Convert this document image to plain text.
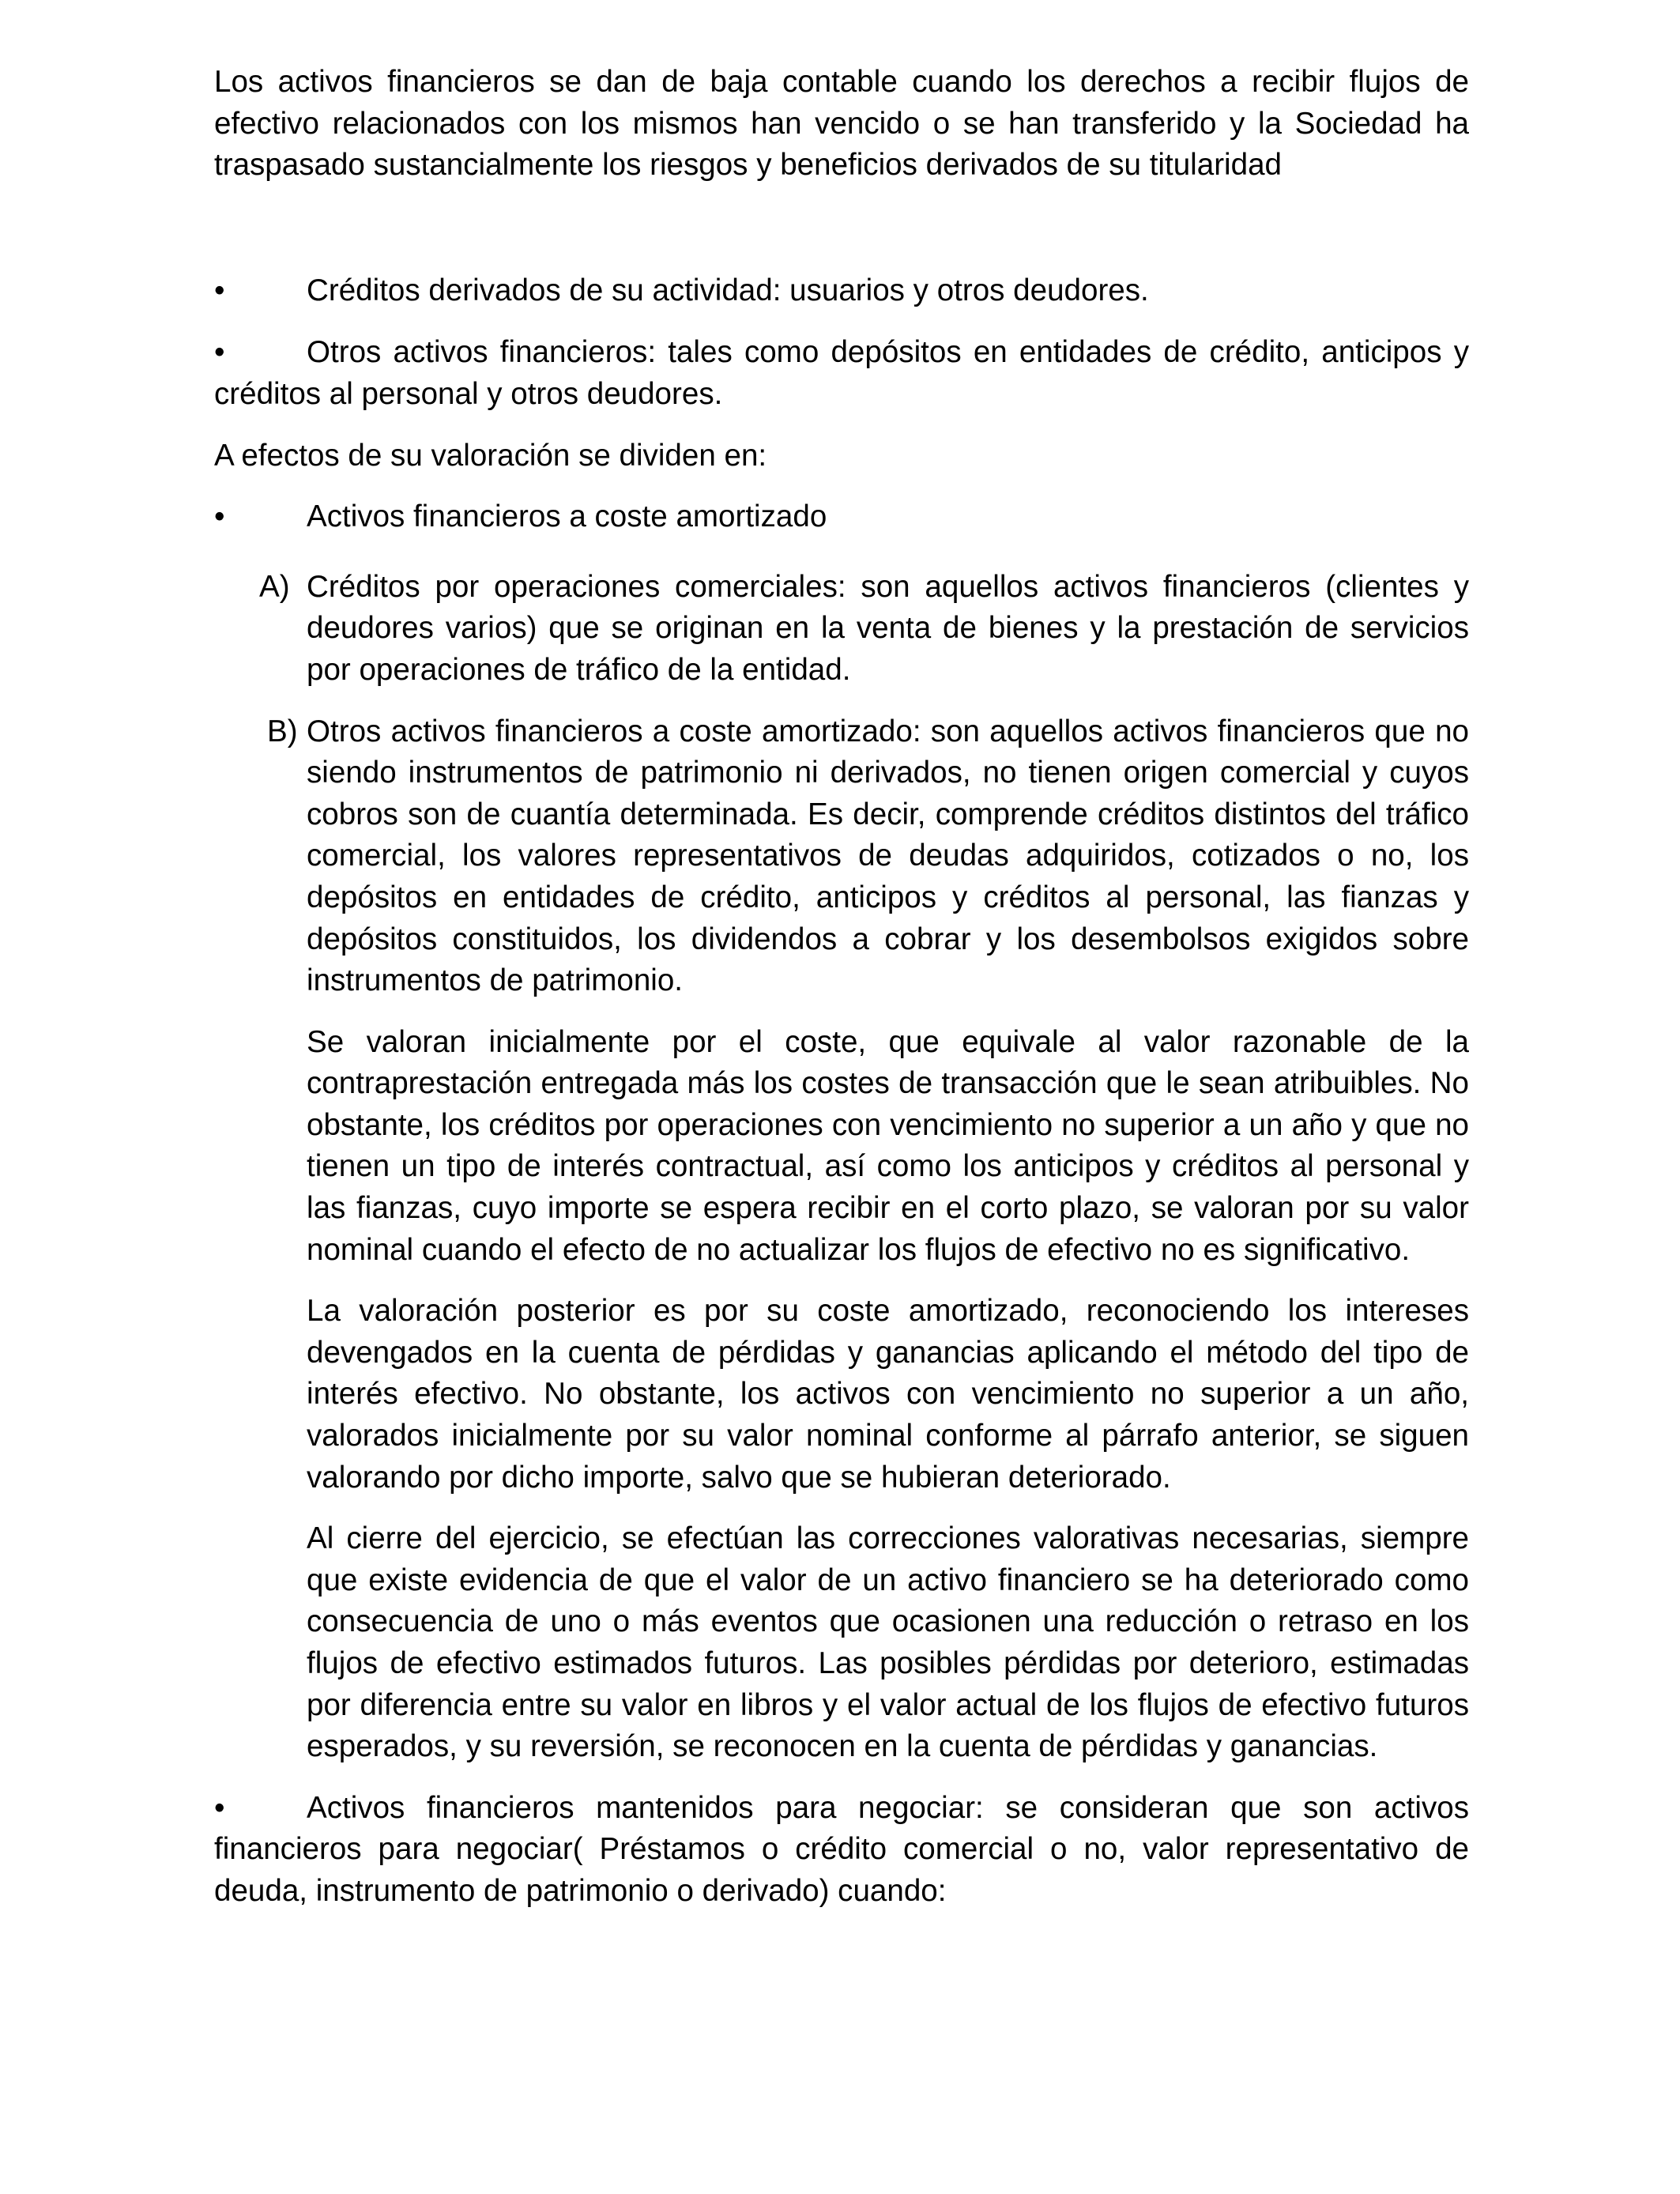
Los activos financieros se dan de baja contable cuando los derechos a recibir flujos de efectivo relacionados con los mismos han vencido o se han transferido y la Sociedad ha traspasado sustancialmente los riesgos y beneficios derivados de su titularidad

•	Créditos derivados de su actividad: usuarios y otros deudores.

•	Otros activos financieros: tales como depósitos en entidades de crédito, anticipos y créditos al personal y otros deudores.

A efectos de su valoración se dividen en:

•	Activos financieros a coste amortizado

A) Créditos por operaciones comerciales: son aquellos activos financieros (clientes y deudores varios) que se originan en la venta de bienes y la prestación de servicios por operaciones de tráfico de la entidad.

B) Otros activos financieros a coste amortizado: son aquellos activos financieros que no siendo instrumentos de patrimonio ni derivados, no tienen origen comercial y cuyos cobros son de cuantía determinada. Es decir, comprende créditos distintos del tráfico comercial, los valores representativos de deudas adquiridos, cotizados o no, los depósitos en entidades de crédito, anticipos y créditos al personal, las fianzas y depósitos constituidos, los dividendos a cobrar y los desembolsos exigidos sobre instrumentos de patrimonio.

Se valoran inicialmente por el coste, que equivale al valor razonable de la contraprestación entregada más los costes de transacción que le sean atribuibles. No obstante, los créditos por operaciones con vencimiento no superior a un año y que no tienen un tipo de interés contractual, así como los anticipos y créditos al personal y las fianzas, cuyo importe se espera recibir en el corto plazo, se valoran por su valor nominal cuando el efecto de no actualizar los flujos de efectivo no es significativo.

La valoración posterior es por su coste amortizado, reconociendo los intereses devengados en la cuenta de pérdidas y ganancias aplicando el método del tipo de interés efectivo. No obstante, los activos con vencimiento no superior a un año, valorados inicialmente por su valor nominal conforme al párrafo anterior, se siguen valorando por dicho importe, salvo que se hubieran deteriorado.

Al cierre del ejercicio, se efectúan las correcciones valorativas necesarias, siempre que existe evidencia de que el valor de un activo financiero se ha deteriorado como consecuencia de uno o más eventos que ocasionen una reducción o retraso en los flujos de efectivo estimados futuros. Las posibles pérdidas por deterioro, estimadas por diferencia entre su valor en libros y el valor actual de los flujos de efectivo futuros esperados, y su reversión, se reconocen en la cuenta de pérdidas y ganancias.

•	Activos financieros mantenidos para negociar: se consideran que son activos financieros para negociar( Préstamos o crédito comercial o no, valor representativo de deuda, instrumento de patrimonio o derivado) cuando:
